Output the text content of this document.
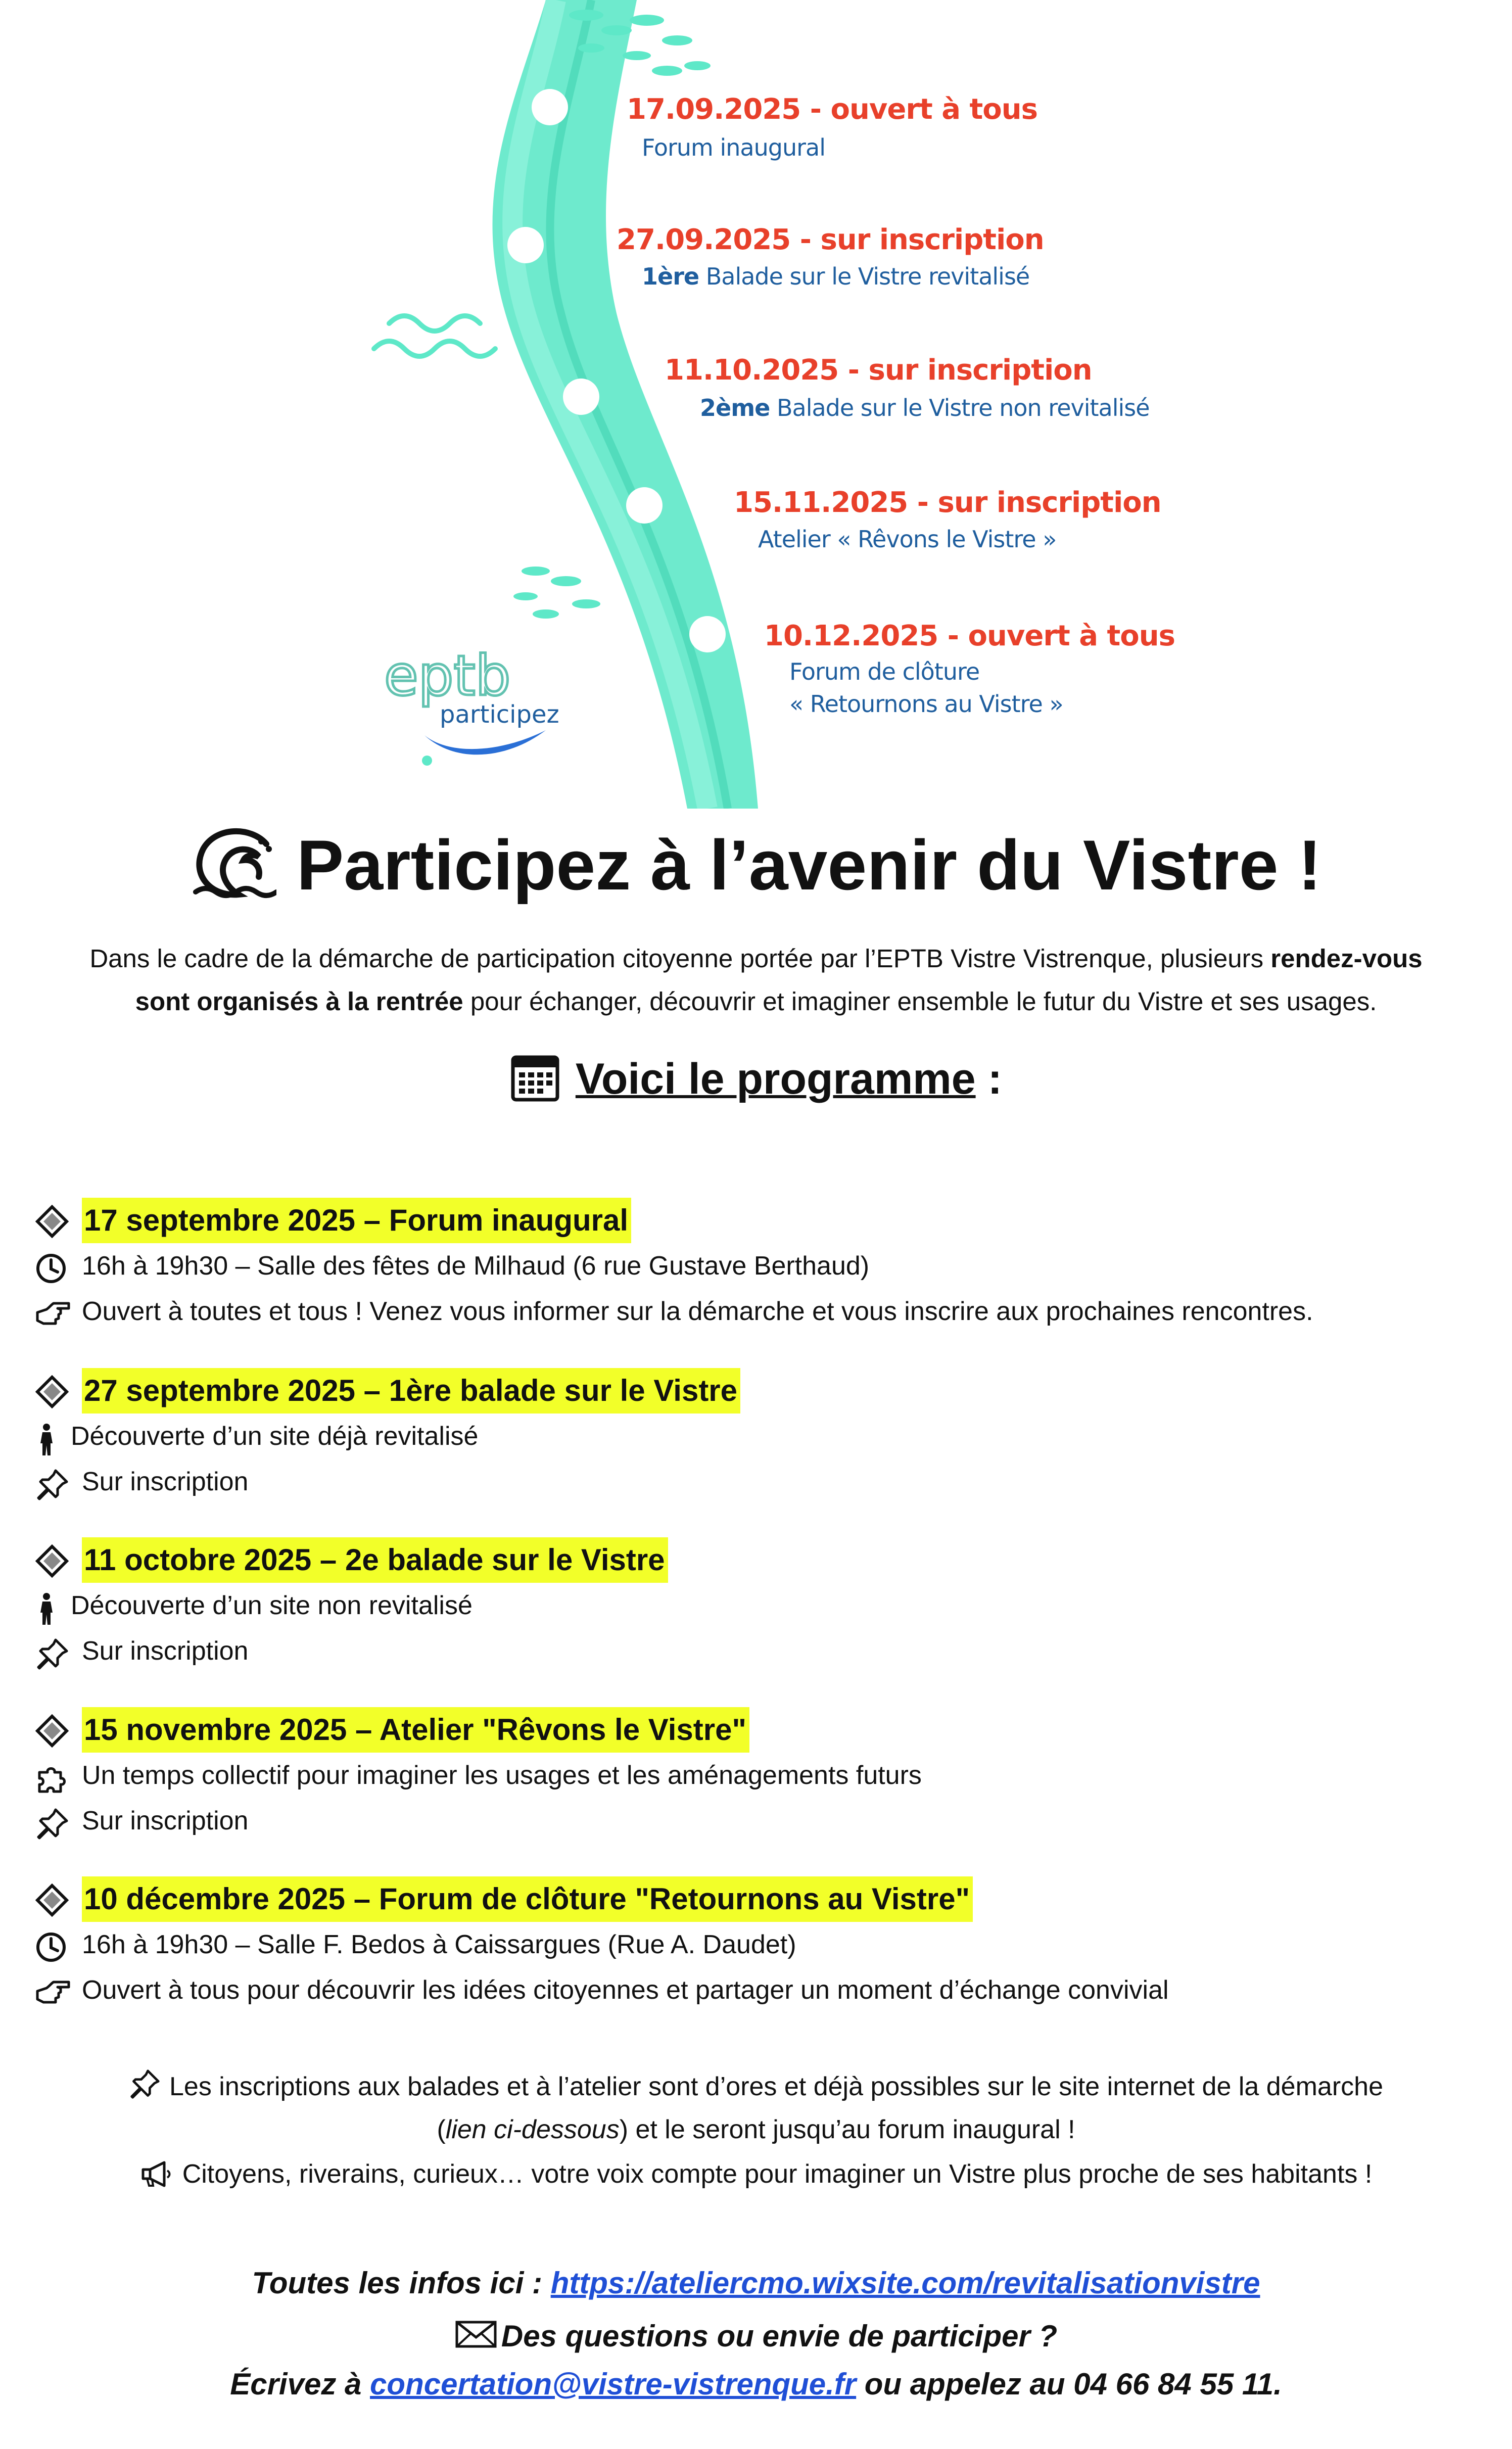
eptb
participez
17.09.2025 - ouvert à tous
Forum inaugural
27.09.2025 - sur inscription
1ère Balade sur le Vistre revitalisé
11.10.2025 - sur inscription
2ème Balade sur le Vistre non revitalisé
15.11.2025 - sur inscription
Atelier « Rêvons le Vistre »
10.12.2025 - ouvert à tous
Forum de clôture
« Retournons au Vistre »
Participez à l’avenir du Vistre !
Dans le cadre de la démarche de participation citoyenne portée par l’EPTB Vistre Vistrenque, plusieurs rendez-vous
sont organisés à la rentrée pour échanger, découvrir et imaginer ensemble le futur du Vistre et ses usages.
Voici le programme :
17 septembre 2025 – Forum inaugural
16h à 19h30 – Salle des fêtes de Milhaud (6 rue Gustave Berthaud)
Ouvert à toutes et tous ! Venez vous informer sur la démarche et vous inscrire aux prochaines rencontres.
27 septembre 2025 – 1ère balade sur le Vistre
Découverte d’un site déjà revitalisé
Sur inscription
11 octobre 2025 – 2e balade sur le Vistre
Découverte d’un site non revitalisé
Sur inscription
15 novembre 2025 – Atelier "Rêvons le Vistre"
Un temps collectif pour imaginer les usages et les aménagements futurs
Sur inscription
10 décembre 2025 – Forum de clôture "Retournons au Vistre"
16h à 19h30 – Salle F. Bedos à Caissargues (Rue A. Daudet)
Ouvert à tous pour découvrir les idées citoyennes et partager un moment d’échange convivial
Les inscriptions aux balades et à l’atelier sont d’ores et déjà possibles sur le site internet de la démarche
(lien ci-dessous) et le seront jusqu’au forum inaugural !
Citoyens, riverains, curieux… votre voix compte pour imaginer un Vistre plus proche de ses habitants !
Toutes les infos ici : https://ateliercmo.wixsite.com/revitalisationvistre
Des questions ou envie de participer ?
Écrivez à concertation@vistre-vistrenque.fr ou appelez au 04 66 84 55 11.
